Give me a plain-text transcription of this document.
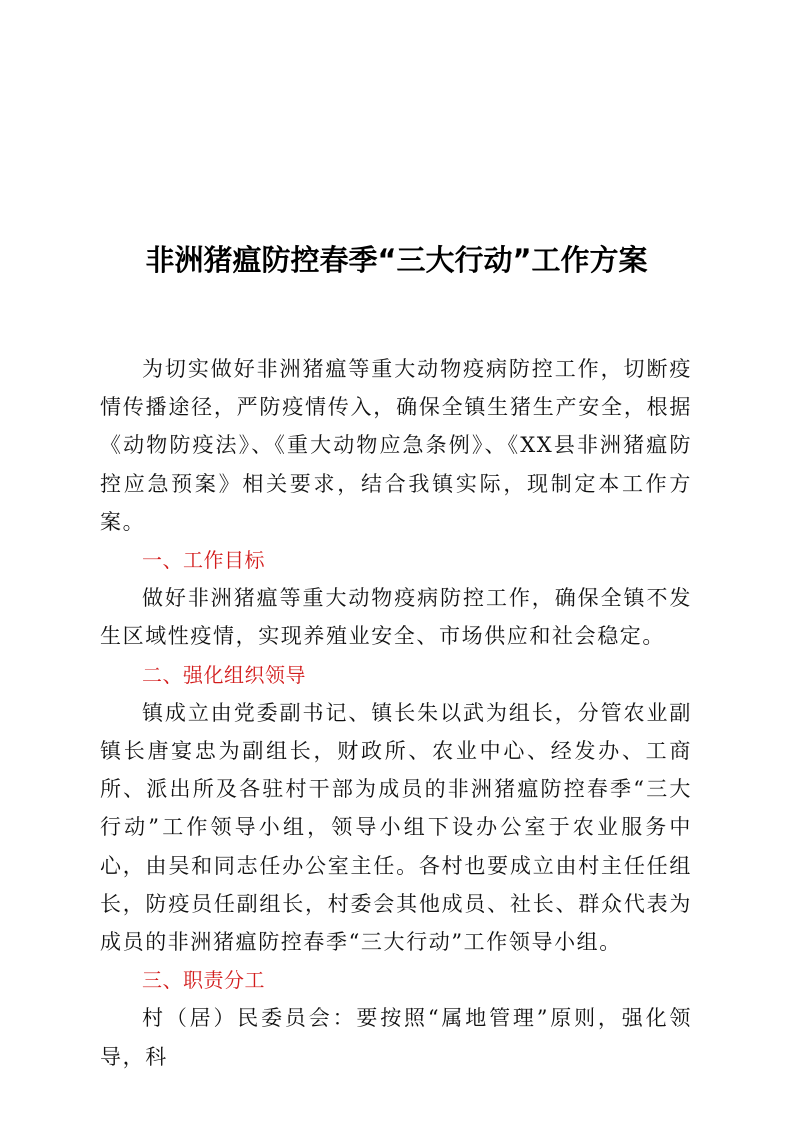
非洲猪瘟防控春季“三大行动”工作方案

为切实做好非洲猪瘟等重大动物疫病防控工作，切断疫情传播途径，严防疫情传入，确保全镇生猪生产安全，根据《动物防疫法》、《重大动物应急条例》、《XX县非洲猪瘟防控应急预案》相关要求，结合我镇实际，现制定本工作方案。

一、工作目标

做好非洲猪瘟等重大动物疫病防控工作，确保全镇不发生区域性疫情，实现养殖业安全、市场供应和社会稳定。

二、强化组织领导

镇成立由党委副书记、镇长朱以武为组长，分管农业副镇长唐宴忠为副组长，财政所、农业中心、经发办、工商所、派出所及各驻村干部为成员的非洲猪瘟防控春季“三大行动”工作领导小组，领导小组下设办公室于农业服务中心，由吴和同志任办公室主任。各村也要成立由村主任任组长，防疫员任副组长，村委会其他成员、社长、群众代表为成员的非洲猪瘟防控春季“三大行动”工作领导小组。

三、职责分工

村（居）民委员会：要按照“属地管理”原则，强化领导，科
